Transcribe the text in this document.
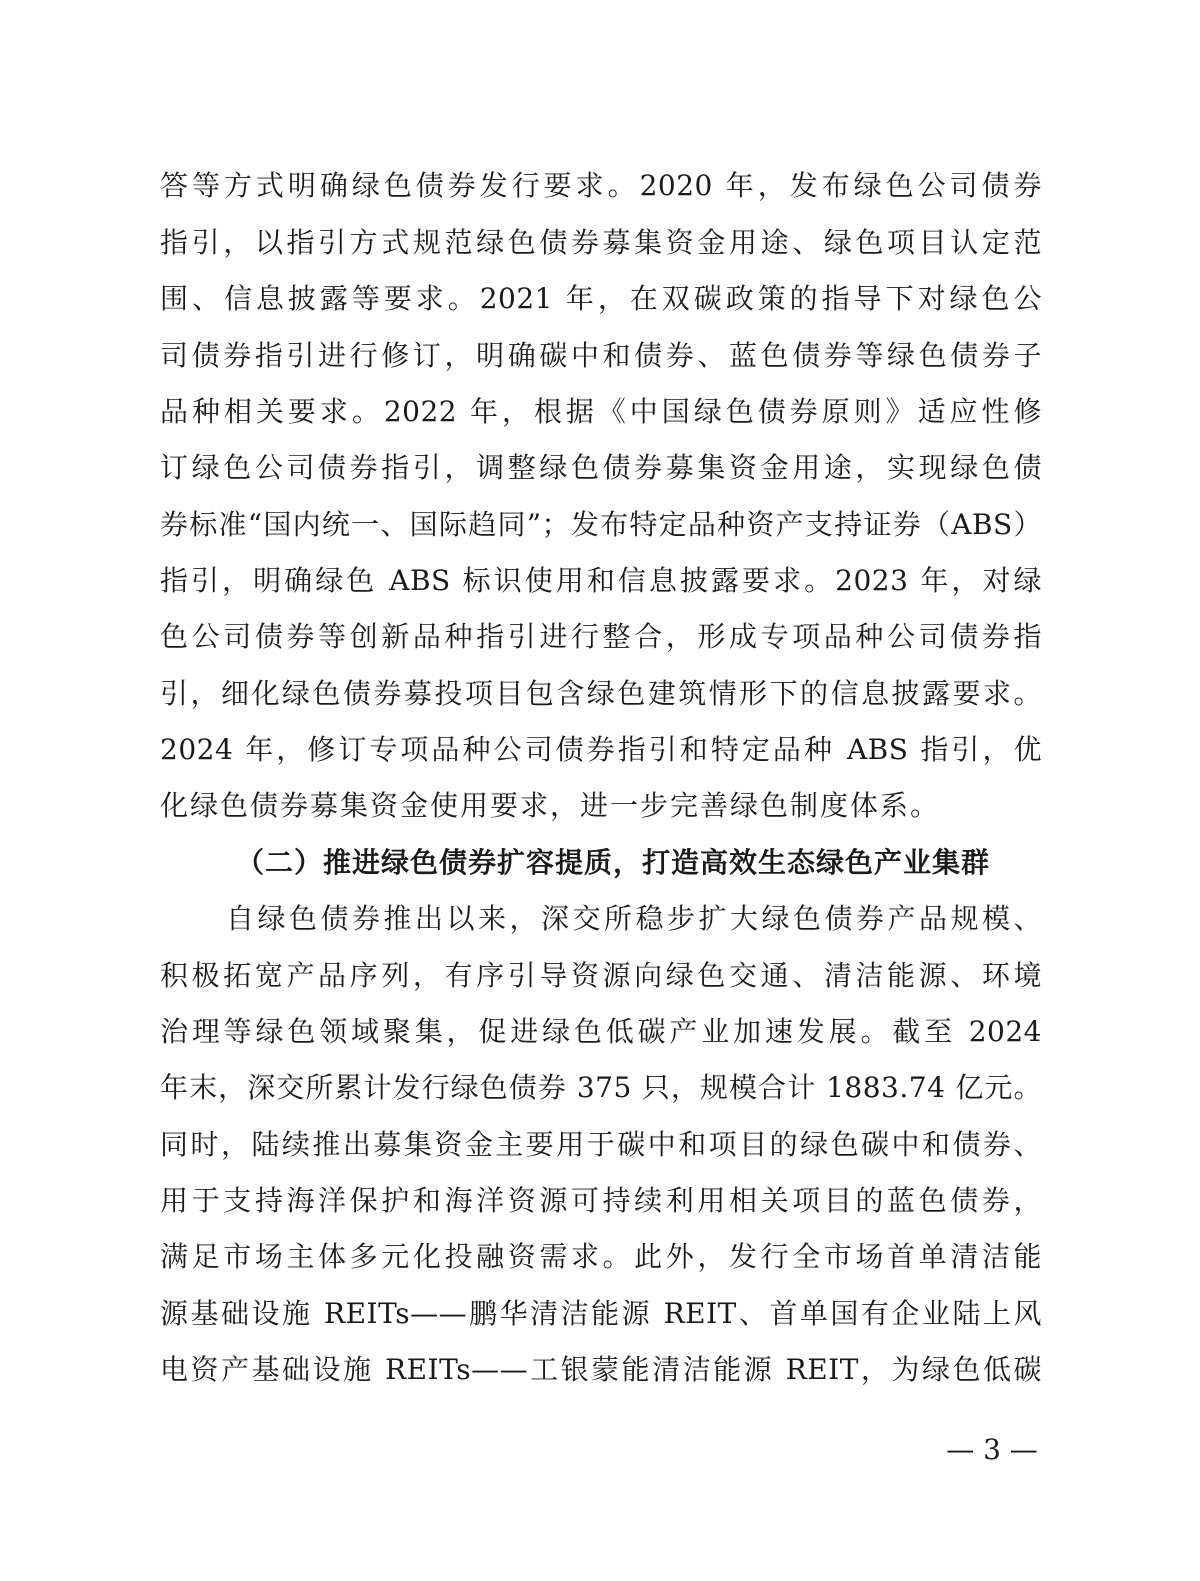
答等方式明确绿色债券发行要求。2020 年，发布绿色公司债券
指引，以指引方式规范绿色债券募集资金用途、绿色项目认定范
围、信息披露等要求。2021 年，在双碳政策的指导下对绿色公
司债券指引进行修订，明确碳中和债券、蓝色债券等绿色债券子
品种相关要求。2022 年，根据《中国绿色债券原则》适应性修
订绿色公司债券指引，调整绿色债券募集资金用途，实现绿色债
券标准“国内统一、国际趋同”；发布特定品种资产支持证券（ABS）
指引，明确绿色 ABS 标识使用和信息披露要求。2023 年，对绿
色公司债券等创新品种指引进行整合，形成专项品种公司债券指
引，细化绿色债券募投项目包含绿色建筑情形下的信息披露要求。
2024 年，修订专项品种公司债券指引和特定品种 ABS 指引，优
化绿色债券募集资金使用要求，进一步完善绿色制度体系。
（二）推进绿色债券扩容提质，打造高效生态绿色产业集群
自绿色债券推出以来，深交所稳步扩大绿色债券产品规模、
积极拓宽产品序列，有序引导资源向绿色交通、清洁能源、环境
治理等绿色领域聚集，促进绿色低碳产业加速发展。截至 2024
年末，深交所累计发行绿色债券 375 只，规模合计 1883.74 亿元。
同时，陆续推出募集资金主要用于碳中和项目的绿色碳中和债券、
用于支持海洋保护和海洋资源可持续利用相关项目的蓝色债券，
满足市场主体多元化投融资需求。此外，发行全市场首单清洁能
源基础设施 REITs——鹏华清洁能源 REIT、首单国有企业陆上风
电资产基础设施 REITs——工银蒙能清洁能源 REIT，为绿色低碳
— 3 —
